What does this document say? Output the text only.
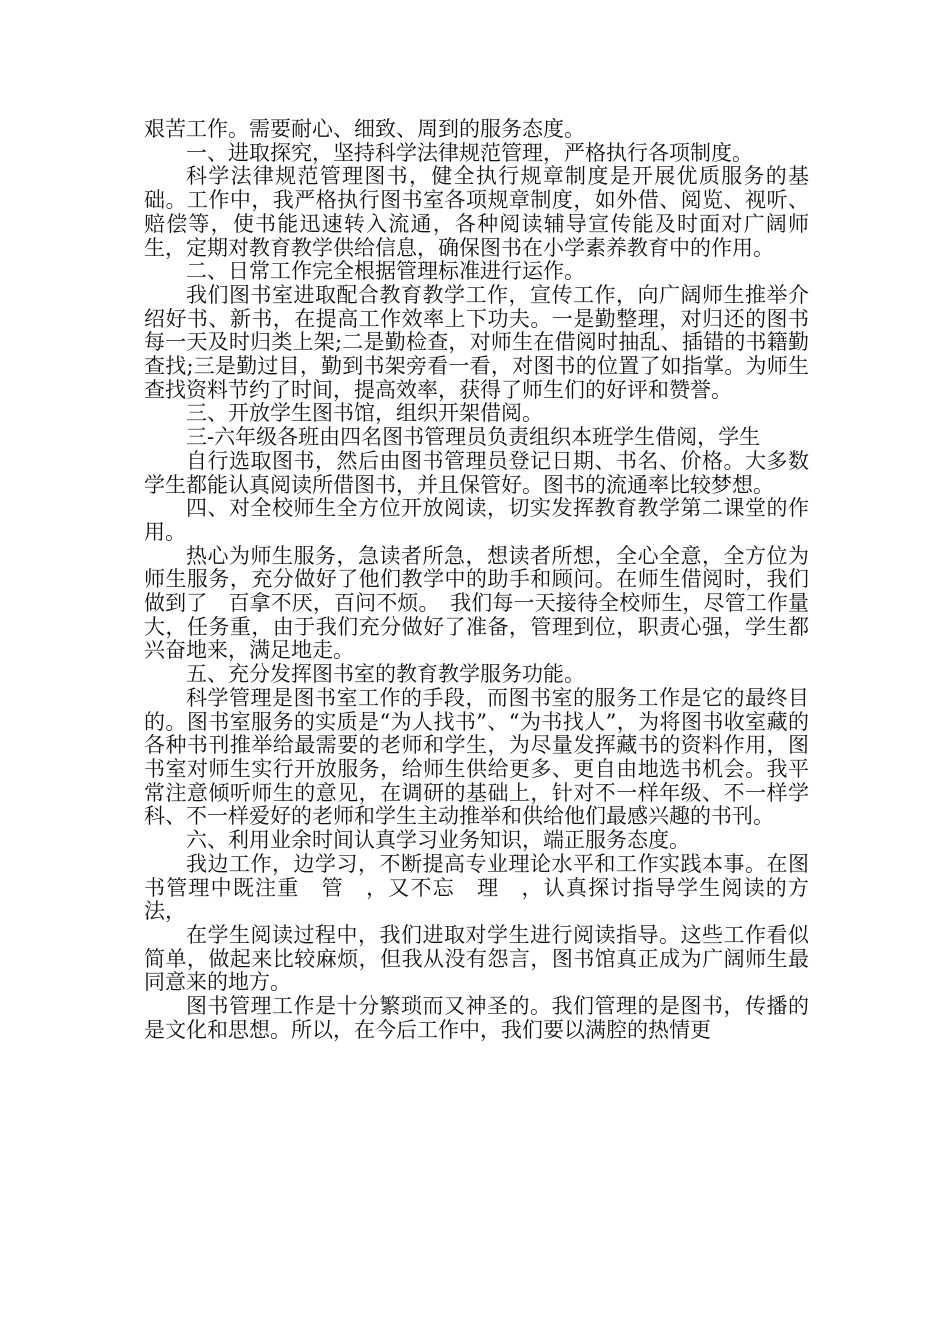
艰苦工作。需要耐心、细致、周到的服务态度。

一、进取探究，坚持科学法律规范管理，严格执行各项制度。

科学法律规范管理图书，健全执行规章制度是开展优质服务的基础。工作中，我严格执行图书室各项规章制度，如外借、阅览、视听、赔偿等，使书能迅速转入流通，各种阅读辅导宣传能及时面对广阔师生，定期对教育教学供给信息，确保图书在小学素养教育中的作用。

二、日常工作完全根据管理标准进行运作。

我们图书室进取配合教育教学工作，宣传工作，向广阔师生推举介绍好书、新书，在提高工作效率上下功夫。一是勤整理，对归还的图书每一天及时归类上架;二是勤检查，对师生在借阅时抽乱、插错的书籍勤查找;三是勤过目，勤到书架旁看一看，对图书的位置了如指掌。为师生查找资料节约了时间，提高效率，获得了师生们的好评和赞誉。

三、开放学生图书馆，组织开架借阅。

三-六年级各班由四名图书管理员负责组织本班学生借阅，学生

自行选取图书，然后由图书管理员登记日期、书名、价格。大多数学生都能认真阅读所借图书，并且保管好。图书的流通率比较梦想。

四、对全校师生全方位开放阅读，切实发挥教育教学第二课堂的作用。

热心为师生服务，急读者所急，想读者所想，全心全意，全方位为师生服务，充分做好了他们教学中的助手和顾问。在师生借阅时，我们做到了　百拿不厌，百问不烦。　我们每一天接待全校师生，尽管工作量大，任务重，由于我们充分做好了准备，管理到位，职责心强，学生都兴奋地来，满足地走。

五、充分发挥图书室的教育教学服务功能。

科学管理是图书室工作的手段，而图书室的服务工作是它的最终目的。图书室服务的实质是“为人找书”、“为书找人”，为将图书收室藏的各种书刊推举给最需要的老师和学生，为尽量发挥藏书的资料作用，图书室对师生实行开放服务，给师生供给更多、更自由地选书机会。我平常注意倾听师生的意见，在调研的基础上，针对不一样年级、不一样学科、不一样爱好的老师和学生主动推举和供给他们最感兴趣的书刊。

六、利用业余时间认真学习业务知识，端正服务态度。

我边工作，边学习，不断提高专业理论水平和工作实践本事。在图书管理中既注重　管　，又不忘　理　，认真探讨指导学生阅读的方法，

在学生阅读过程中，我们进取对学生进行阅读指导。这些工作看似简单，做起来比较麻烦，但我从没有怨言，图书馆真正成为广阔师生最同意来的地方。

图书管理工作是十分繁琐而又神圣的。我们管理的是图书，传播的是文化和思想。所以，在今后工作中，我们要以满腔的热情更
